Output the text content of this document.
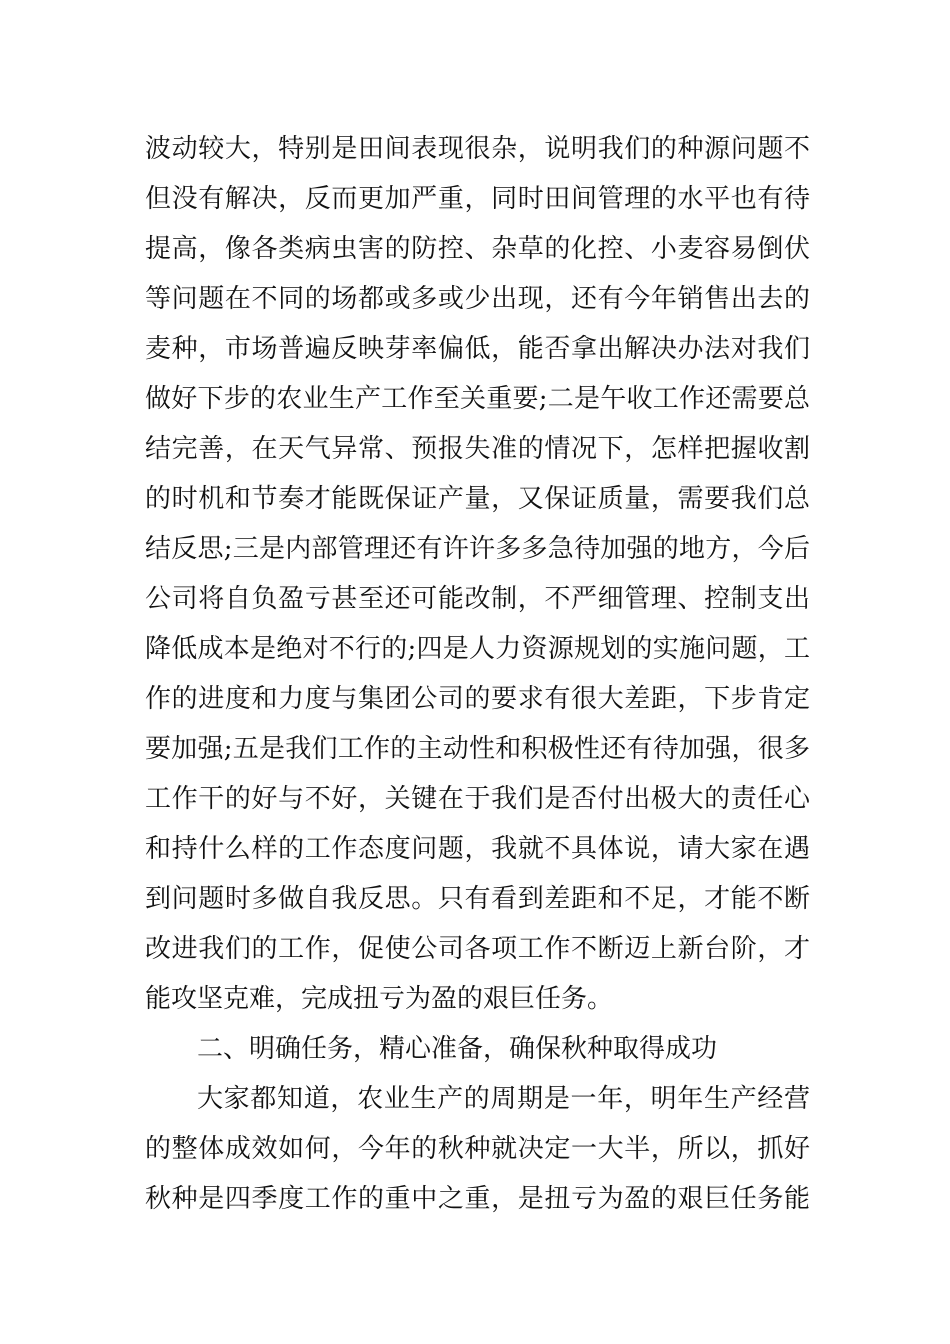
波动较大，特别是田间表现很杂，说明我们的种源问题不
但没有解决，反而更加严重，同时田间管理的水平也有待
提高，像各类病虫害的防控、杂草的化控、小麦容易倒伏
等问题在不同的场都或多或少出现，还有今年销售出去的
麦种，市场普遍反映芽率偏低，能否拿出解决办法对我们
做好下步的农业生产工作至关重要;二是午收工作还需要总
结完善，在天气异常、预报失准的情况下，怎样把握收割
的时机和节奏才能既保证产量，又保证质量，需要我们总
结反思;三是内部管理还有许许多多急待加强的地方，今后
公司将自负盈亏甚至还可能改制，不严细管理、控制支出
降低成本是绝对不行的;四是人力资源规划的实施问题，工
作的进度和力度与集团公司的要求有很大差距，下步肯定
要加强;五是我们工作的主动性和积极性还有待加强，很多
工作干的好与不好，关键在于我们是否付出极大的责任心
和持什么样的工作态度问题，我就不具体说，请大家在遇
到问题时多做自我反思。只有看到差距和不足，才能不断
改进我们的工作，促使公司各项工作不断迈上新台阶，才
能攻坚克难，完成扭亏为盈的艰巨任务。
二、明确任务，精心准备，确保秋种取得成功
大家都知道，农业生产的周期是一年，明年生产经营
的整体成效如何，今年的秋种就决定一大半，所以，抓好
秋种是四季度工作的重中之重，是扭亏为盈的艰巨任务能
